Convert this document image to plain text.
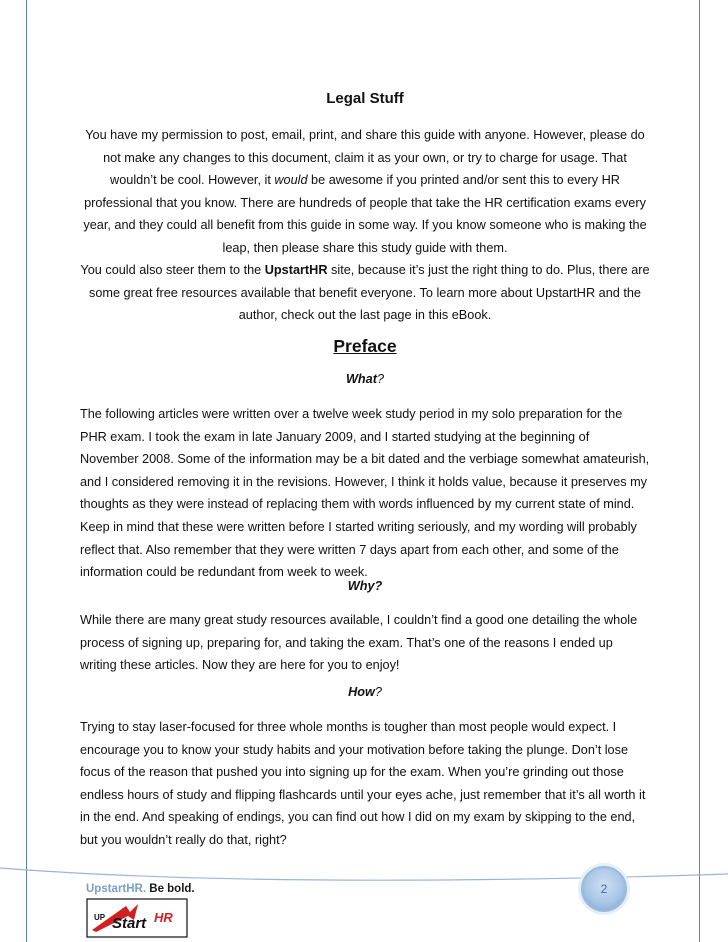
Legal Stuff

You have my permission to post, email, print, and share this guide with anyone. However, please do not make any changes to this document, claim it as your own, or try to charge for usage. That wouldn’t be cool. However, it would be awesome if you printed and/or sent this to every HR professional that you know. There are hundreds of people that take the HR certification exams every year, and they could all benefit from this guide in some way. If you know someone who is making the leap, then please share this study guide with them.

You could also steer them to the UpstartHR site, because it’s just the right thing to do. Plus, there are some great free resources available that benefit everyone. To learn more about UpstartHR and the author, check out the last page in this eBook.

Preface
What?

The following articles were written over a twelve week study period in my solo preparation for the PHR exam. I took the exam in late January 2009, and I started studying at the beginning of November 2008. Some of the information may be a bit dated and the verbiage somewhat amateurish, and I considered removing it in the revisions. However, I think it holds value, because it preserves my thoughts as they were instead of replacing them with words influenced by my current state of mind. Keep in mind that these were written before I started writing seriously, and my wording will probably reflect that. Also remember that they were written 7 days apart from each other, and some of the information could be redundant from week to week.

Why?

While there are many great study resources available, I couldn’t find a good one detailing the whole process of signing up, preparing for, and taking the exam. That’s one of the reasons I ended up writing these articles. Now they are here for you to enjoy!

How?

Trying to stay laser-focused for three whole months is tougher than most people would expect. I encourage you to know your study habits and your motivation before taking the plunge. Don’t lose focus of the reason that pushed you into signing up for the exam. When you’re grinding out those endless hours of study and flipping flashcards until your eyes ache, just remember that it’s all worth it in the end. And speaking of endings, you can find out how I did on my exam by skipping to the end, but you wouldn’t really do that, right?

UpstartHR. Be bold.	2
UP Start HR
